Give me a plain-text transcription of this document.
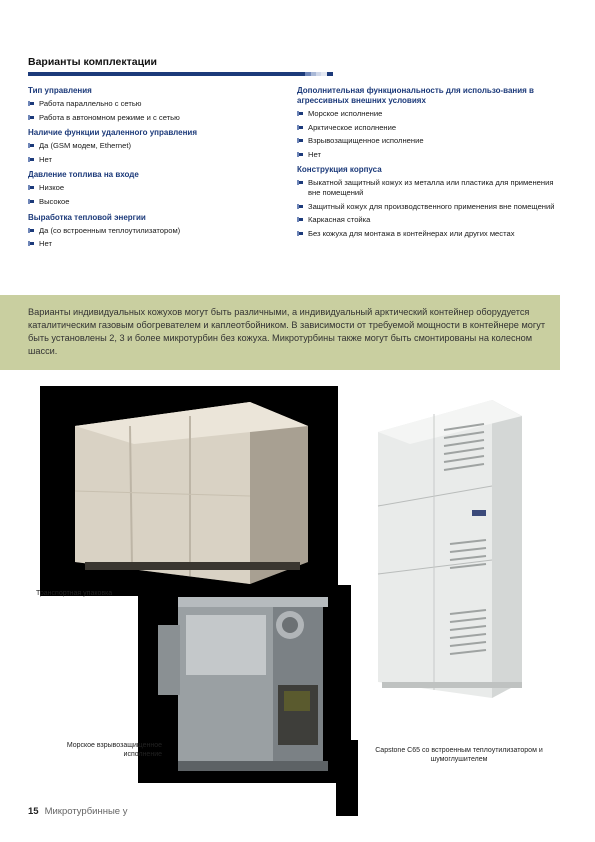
Варианты комплектации
Тип управления
Работа параллельно с сетью
Работа в автономном режиме и с сетью
Наличие функции удаленного управления
Да (GSM модем, Ethernet)
Нет
Давление топлива на входе
Низкое
Высокое
Выработка тепловой энергии
Да (со встроенным теплоутилизатором)
Нет
Дополнительная функциональность для использо-вания в агрессивных внешних условиях
Морское исполнение
Арктическое исполнение
Взрывозащищенное исполнение
Нет
Конструкция корпуса
Выкатной защитный кожух из металла или пластика для применения вне помещений
Защитный кожух для производственного применения вне помещений
Каркасная стойка
Без кожуха для монтажа в контейнерах или других местах

Варианты индивидуальных кожухов могут быть различными, а индивидуальный арктический контейнер оборудуется каталитическим газовым обогревателем и каплеотбойником. В зависимости от требуемой мощности в контейнере могут быть установлены 2, 3 и более микротурбин без кожуха. Микротурбины также могут быть смонтированы на колесном шасси.

Транспортная упаковка
Морское взрывозащищенное исполнение
Capstone C65 со встроенным теплоутилизатором и шумоглушителем
15 Микротурбинные у
